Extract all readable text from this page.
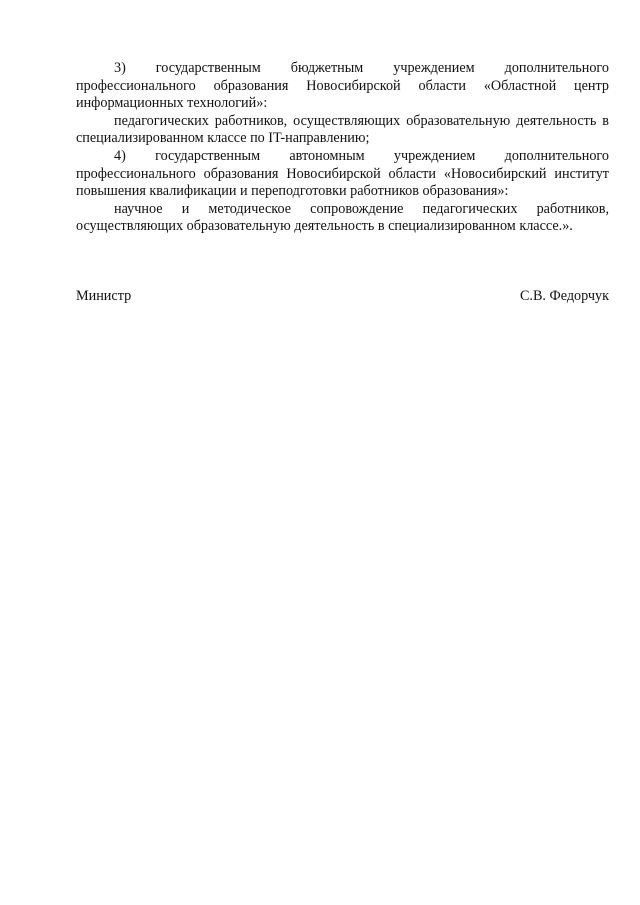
3) государственным бюджетным учреждением дополнительного профессионального образования Новосибирской области «Областной центр информационных технологий»:

педагогических работников, осуществляющих образовательную деятельность в специализированном классе по IT-направлению;

4) государственным автономным учреждением дополнительного профессионального образования Новосибирской области «Новосибирский институт повышения квалификации и переподготовки работников образования»:

научное и методическое сопровождение педагогических работников, осуществляющих образовательную деятельность в специализированном классе.».

Министр	С.В. Федорчук
